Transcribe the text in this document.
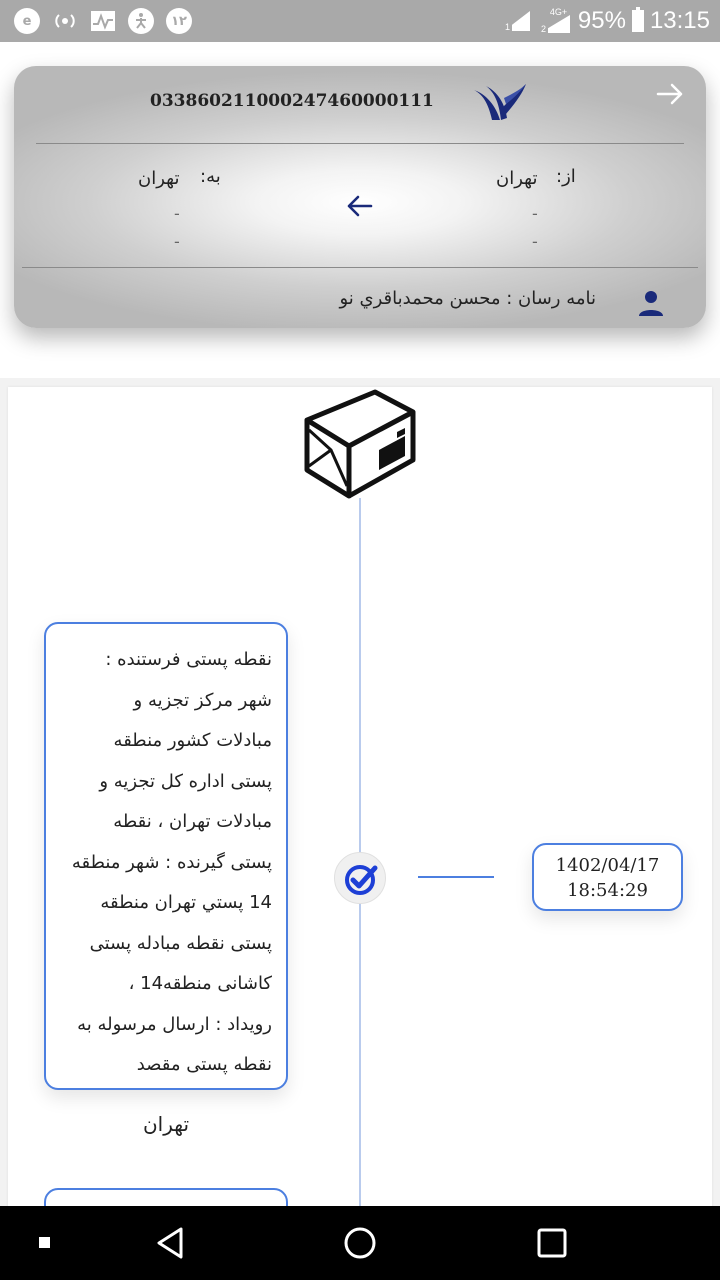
e	۱۲	1
4G+
2 95% 13:15
033860211000247460000111
از:
تهران
-
-
به:
تهران
-
-
نامه رسان : محسن محمدباقري نو
نقطه پستی فرستنده :
شهر مرکز تجزیه و
مبادلات کشور منطقه
پستی اداره کل تجزیه و
مبادلات تهران ، نقطه
پستی گیرنده : شهر منطقه
14 پستي تهران منطقه
پستی نقطه مبادله پستی
کاشانی منطقه14 ،
رویداد : ارسال مرسوله به
نقطه پستی مقصد
1402/04/17
18:54:29
تهران
